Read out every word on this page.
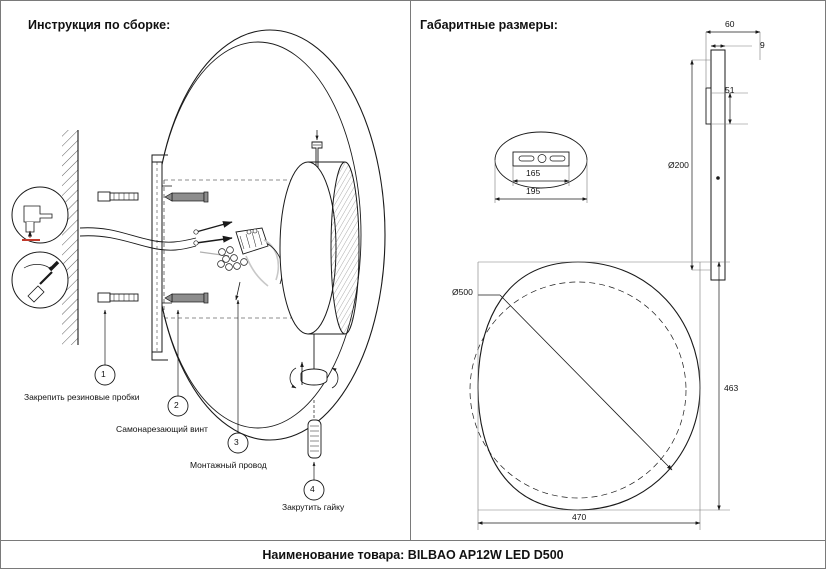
Инструкция по сборке:	Габаритные размеры:
Наименование товара: BILBAO AP12W LED D500
Закрепить резиновые пробки
Самонарезающий винт
Монтажный провод
Закрутить гайку
1
2
3
4
60
9
51
165
195
Ø200
Ø500
463
470
